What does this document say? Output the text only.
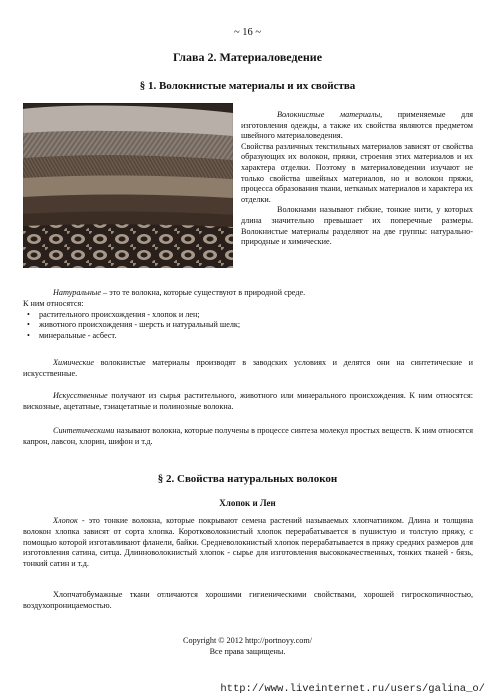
~ 16 ~
Глава 2. Материаловедение
§ 1. Волокнистые материалы и их свойства

Волокнистые материалы, применяемые для изготовления одежды, а также их свойства являются предметом швейного материаловедения.

Свойства различных текстильных материалов зависят от свойства образующих их волокон, пряжи, строения этих материалов и их характера отделки. Поэтому в материаловедении изучают не только свойства швейных материалов, но и волокон пряжи, процесса образования ткани, нетканых материалов и характера их отделки.

Волокнами называют гибкие, тонкие нити, у которых длина значительно превышает их поперечные размеры. Волокнистые материалы разделяют на две группы: натурально-природные и химические.

Натуральные – это те волокна, которые существуют в природной среде.

К ним относятся:

• растительного происхождения - хлопок и лен;
• животного происхождения - шерсть и натуральный шелк;
• минеральные - асбест.

Химические волокнистые материалы производят в заводских условиях и делятся они на синтетические и искусственные.

Искусственные получают из сырья растительного, животного или минерального происхождения. К ним относятся: вискозные, ацетатные, тэиацетатные и полинозные волокна.

Синтетическими называют волокна, которые получены в процессе синтеза молекул простых веществ. К ним относятся капрон, лавсон, хлорин, шифон и т.д.

§ 2. Свойства натуральных волокон
Хлопок и Лен

Хлопок - это тонкие волокна, которые покрывают семена растений называемых хлопчатником. Длина и толщина волокон хлопка зависят от сорта хлопка. Коротковолокнистый хлопок перерабатывается в пушистую и толстую пряжу, с помощью которой изготавливают фланели, байки. Средневолокнистый хлопок перерабатывается в пряжу средних размеров для изготовления сатина, ситца. Длинноволокнистый хлопок - сырье для изготовления высококачественных, тонких тканей - бязь, тонкий сатин и т.д.

Хлопчатобумажные ткани отличаются хорошими гигиеническими свойствами, хорошей гигроскопичностью, воздухопроницаемостью.

Copyright © 2012 http://portnoyy.com/
Все права защищены.
http://www.liveinternet.ru/users/galina_o/
